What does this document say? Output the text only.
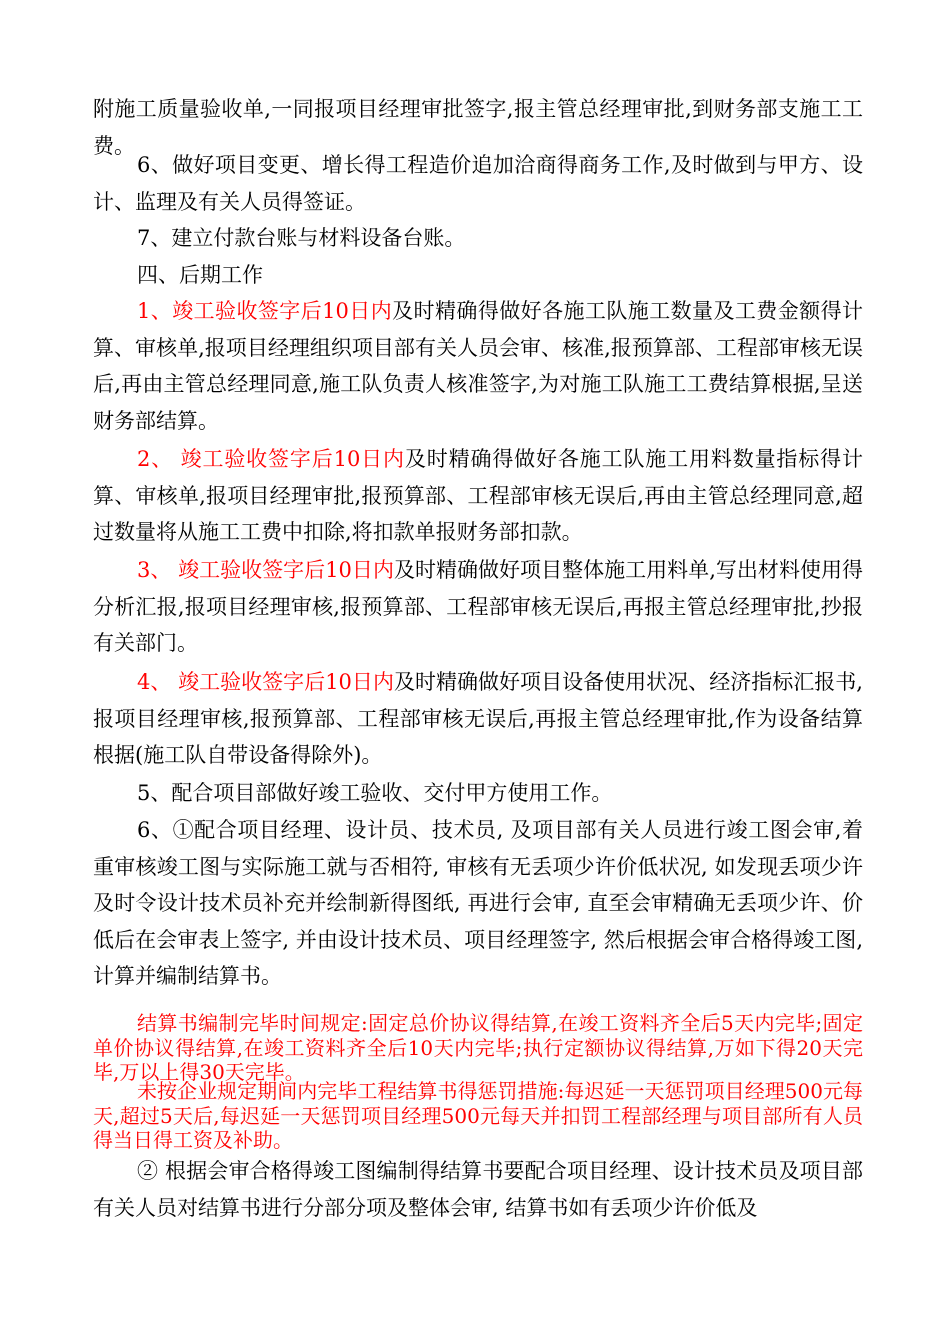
附施工质量验收单,一同报项目经理审批签字,报主管总经理审批,到财务部支施工工费。
6、做好项目变更、增长得工程造价追加洽商得商务工作,及时做到与甲方、设计、监理及有关人员得签证。
7、建立付款台账与材料设备台账。
四、后期工作
1、竣工验收签字后10日内及时精确得做好各施工队施工数量及工费金额得计算、审核单,报项目经理组织项目部有关人员会审、核准,报预算部、工程部审核无误后,再由主管总经理同意,施工队负责人核准签字,为对施工队施工工费结算根据,呈送财务部结算。
2、 竣工验收签字后10日内及时精确得做好各施工队施工用料数量指标得计算、审核单,报项目经理审批,报预算部、工程部审核无误后,再由主管总经理同意,超过数量将从施工工费中扣除,将扣款单报财务部扣款。
3、 竣工验收签字后10日内及时精确做好项目整体施工用料单,写出材料使用得分析汇报,报项目经理审核,报预算部、工程部审核无误后,再报主管总经理审批,抄报有关部门。
4、 竣工验收签字后10日内及时精确做好项目设备使用状况、经济指标汇报书,报项目经理审核,报预算部、工程部审核无误后,再报主管总经理审批,作为设备结算根据(施工队自带设备得除外)。
5、配合项目部做好竣工验收、交付甲方使用工作。
6、①配合项目经理、设计员、技术员, 及项目部有关人员进行竣工图会审,着重审核竣工图与实际施工就与否相符, 审核有无丢项少许价低状况, 如发现丢项少许及时令设计技术员补充并绘制新得图纸, 再进行会审, 直至会审精确无丢项少许、价低后在会审表上签字, 并由设计技术员、项目经理签字, 然后根据会审合格得竣工图, 计算并编制结算书。
结算书编制完毕时间规定:固定总价协议得结算,在竣工资料齐全后5天内完毕;固定单价协议得结算,在竣工资料齐全后10天内完毕;执行定额协议得结算,万如下得20天完毕,万以上得30天完毕。
未按企业规定期间内完毕工程结算书得惩罚措施:每迟延一天惩罚项目经理500元每天,超过5天后,每迟延一天惩罚项目经理500元每天并扣罚工程部经理与项目部所有人员得当日得工资及补助。
② 根据会审合格得竣工图编制得结算书要配合项目经理、设计技术员及项目部有关人员对结算书进行分部分项及整体会审, 结算书如有丢项少许价低及
